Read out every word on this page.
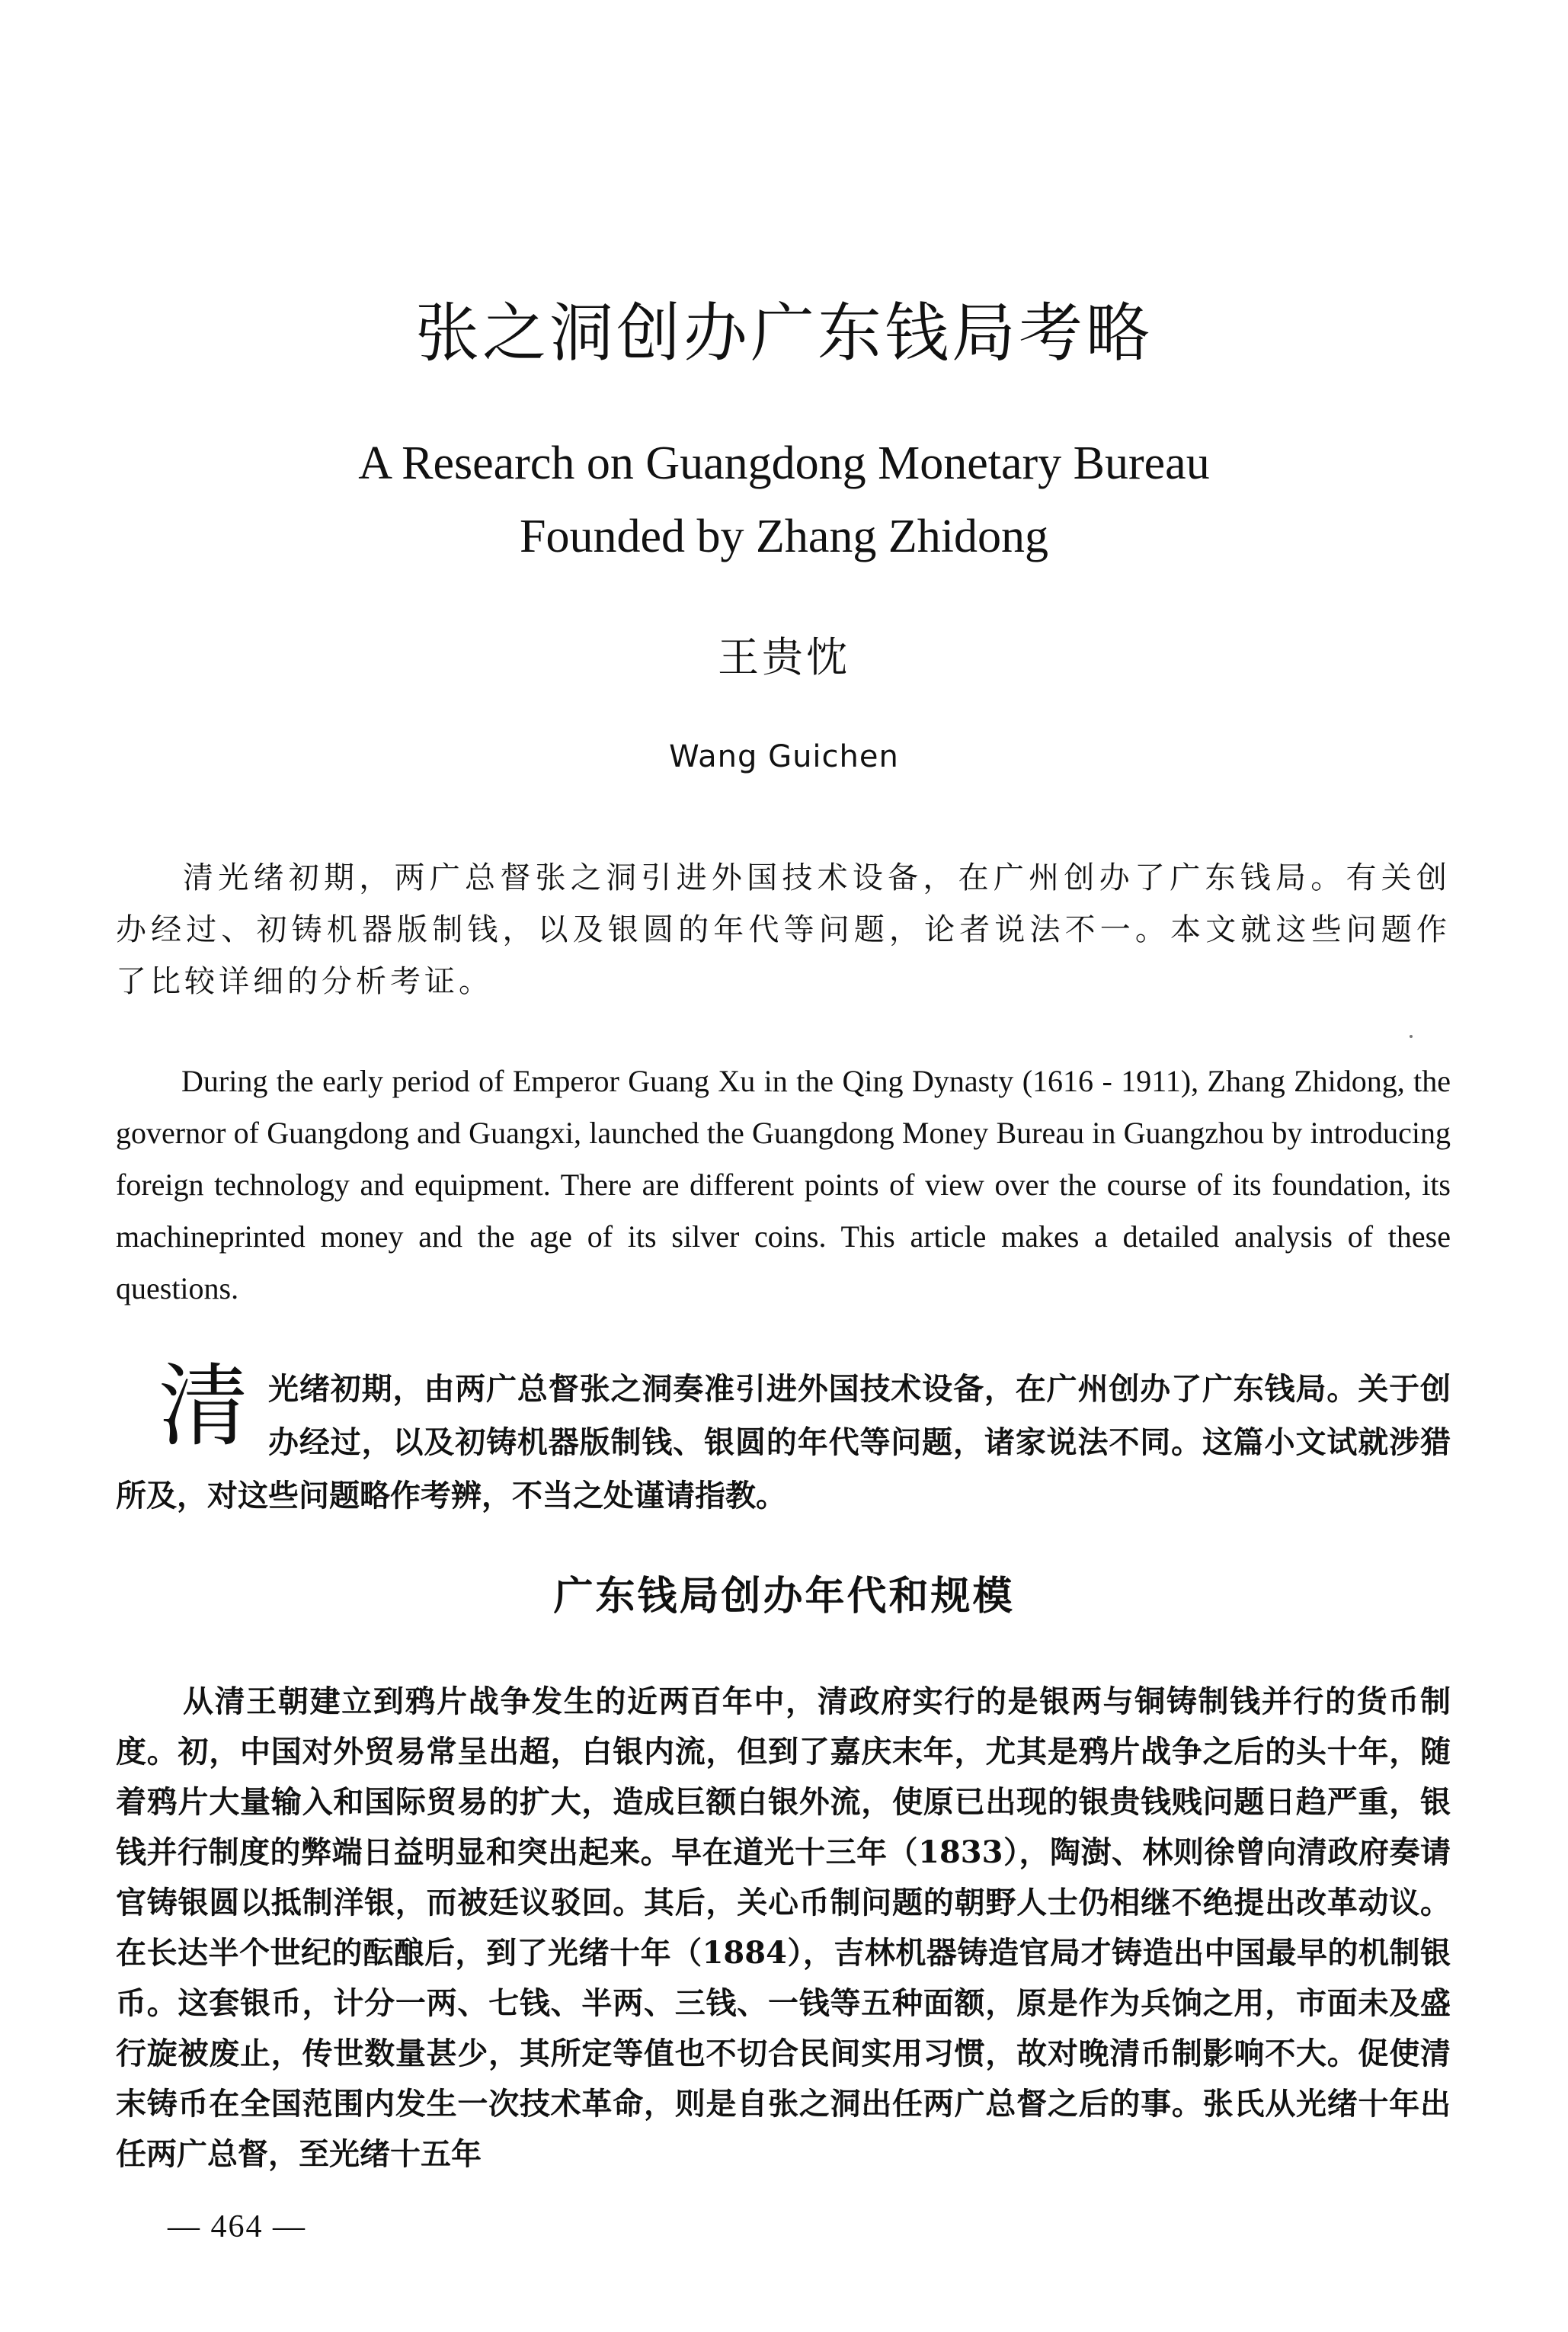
张之洞创办广东钱局考略
A Research on Guangdong Monetary Bureau
Founded by Zhang Zhidong
王贵忱
Wang Guichen
清光绪初期，两广总督张之洞引进外国技术设备，在广州创办了广东钱局。有关创办经过、初铸机器版制钱，以及银圆的年代等问题，论者说法不一。本文就这些问题作了比较详细的分析考证。
During the early period of Emperor Guang Xu in the Qing Dynasty (1616 - 1911), Zhang Zhidong, the governor of Guangdong and Guangxi, launched the Guangdong Money Bureau in Guangzhou by introducing foreign technology and equipment. There are different points of view over the course of its foundation, its machineprinted money and the age of its silver coins. This article makes a detailed analysis of these questions.
清 光绪初期，由两广总督张之洞奏准引进外国技术设备，在广州创办了广东钱局。关于创办经过，以及初铸机器版制钱、银圆的年代等问题，诸家说法不同。这篇小文试就涉猎所及，对这些问题略作考辨，不当之处谨请指教。
广东钱局创办年代和规模
从清王朝建立到鸦片战争发生的近两百年中，清政府实行的是银两与铜铸制钱并行的货币制度。初，中国对外贸易常呈出超，白银内流，但到了嘉庆末年，尤其是鸦片战争之后的头十年，随着鸦片大量输入和国际贸易的扩大，造成巨额白银外流，使原已出现的银贵钱贱问题日趋严重，银钱并行制度的弊端日益明显和突出起来。早在道光十三年（1833），陶澍、林则徐曾向清政府奏请官铸银圆以抵制洋银，而被廷议驳回。其后，关心币制问题的朝野人士仍相继不绝提出改革动议。在长达半个世纪的酝酿后，到了光绪十年（1884），吉林机器铸造官局才铸造出中国最早的机制银币。这套银币，计分一两、七钱、半两、三钱、一钱等五种面额，原是作为兵饷之用，市面未及盛行旋被废止，传世数量甚少，其所定等值也不切合民间实用习惯，故对晚清币制影响不大。促使清末铸币在全国范围内发生一次技术革命，则是自张之洞出任两广总督之后的事。张氏从光绪十年出任两广总督，至光绪十五年
— 464 —
